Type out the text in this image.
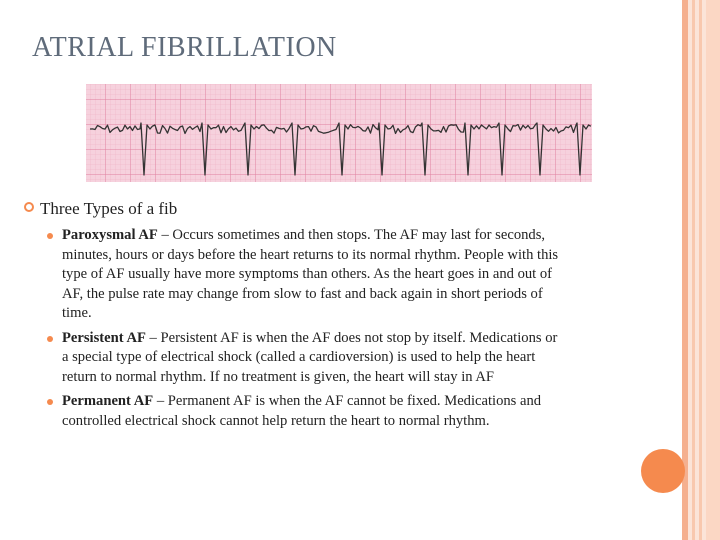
ATRIAL FIBRILLATION
Three Types of a fib
Paroxysmal AF – Occurs sometimes and then stops. The AF may last for seconds, minutes, hours or days before the heart returns to its normal rhythm. People with this type of AF usually have more symptoms than others. As the heart goes in and out of AF, the pulse rate may change from slow to fast and back again in short periods of time.
Persistent AF – Persistent AF is when the AF does not stop by itself. Medications or a special type of electrical shock (called a cardioversion) is used to help the heart return to normal rhythm. If no treatment is given, the heart will stay in AF
Permanent AF – Permanent AF is when the AF cannot be fixed. Medications and controlled electrical shock cannot help return the heart to normal rhythm.
